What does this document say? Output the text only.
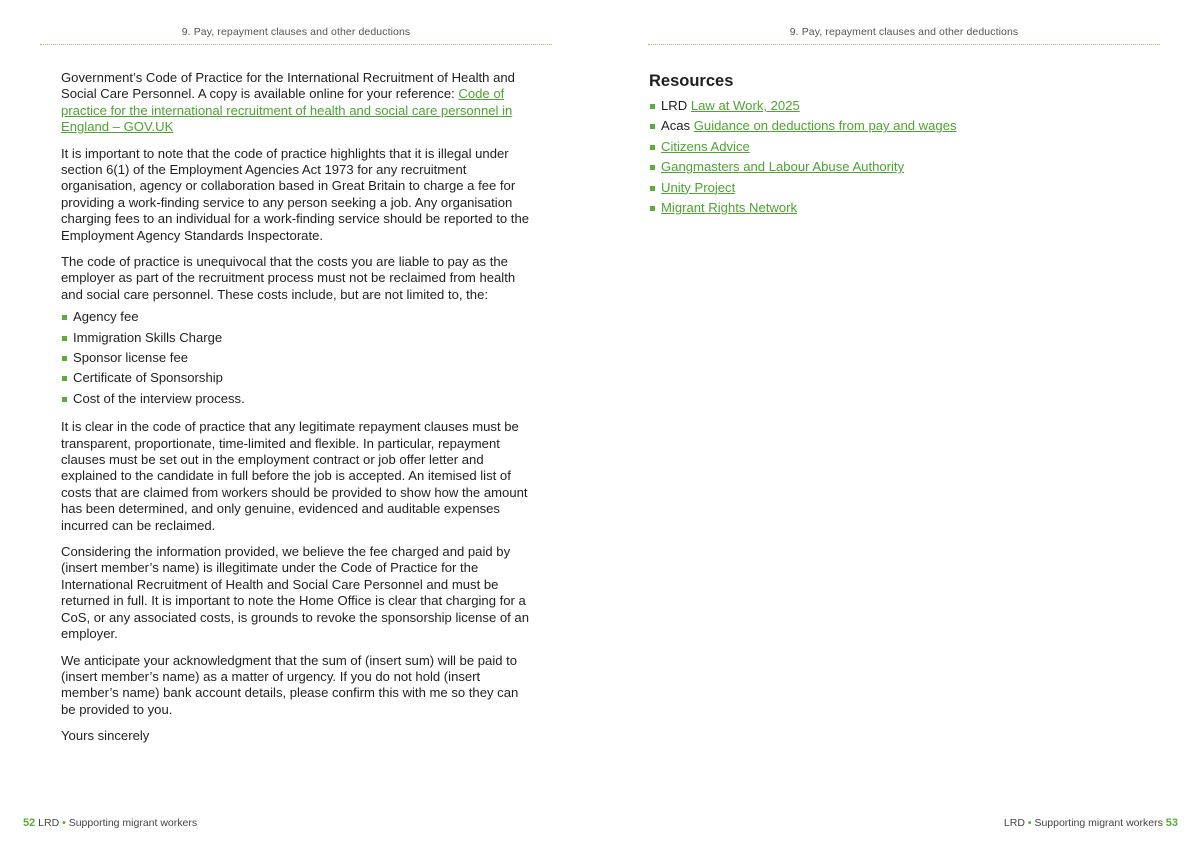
9. Pay, repayment clauses and other deductions

Government’s Code of Practice for the International Recruitment of Health and Social Care Personnel. A copy is available online for your reference: Code of practice for the international recruitment of health and social care personnel in England – GOV.UK

It is important to note that the code of practice highlights that it is illegal under section 6(1) of the Employment Agencies Act 1973 for any recruitment organisation, agency or collaboration based in Great Britain to charge a fee for providing a work-finding service to any person seeking a job. Any organisation charging fees to an individual for a work-finding service should be reported to the Employment Agency Standards Inspectorate.

The code of practice is unequivocal that the costs you are liable to pay as the employer as part of the recruitment process must not be reclaimed from health and social care personnel. These costs include, but are not limited to, the:

Agency fee
Immigration Skills Charge
Sponsor license fee
Certificate of Sponsorship
Cost of the interview process.

It is clear in the code of practice that any legitimate repayment clauses must be transparent, proportionate, time-limited and flexible. In particular, repayment clauses must be set out in the employment contract or job offer letter and explained to the candidate in full before the job is accepted. An itemised list of costs that are claimed from workers should be provided to show how the amount has been determined, and only genuine, evidenced and auditable expenses incurred can be reclaimed.

Considering the information provided, we believe the fee charged and paid by (insert member’s name) is illegitimate under the Code of Practice for the International Recruitment of Health and Social Care Personnel and must be returned in full. It is important to note the Home Office is clear that charging for a CoS, or any associated costs, is grounds to revoke the sponsorship license of an employer.

We anticipate your acknowledgment that the sum of (insert sum) will be paid to (insert member’s name) as a matter of urgency. If you do not hold (insert member’s name) bank account details, please confirm this with me so they can be provided to you.

Yours sincerely

52 LRD • Supporting migrant workers
9. Pay, repayment clauses and other deductions
Resources
LRD Law at Work, 2025
Acas Guidance on deductions from pay and wages
Citizens Advice
Gangmasters and Labour Abuse Authority
Unity Project
Migrant Rights Network
LRD • Supporting migrant workers 53
